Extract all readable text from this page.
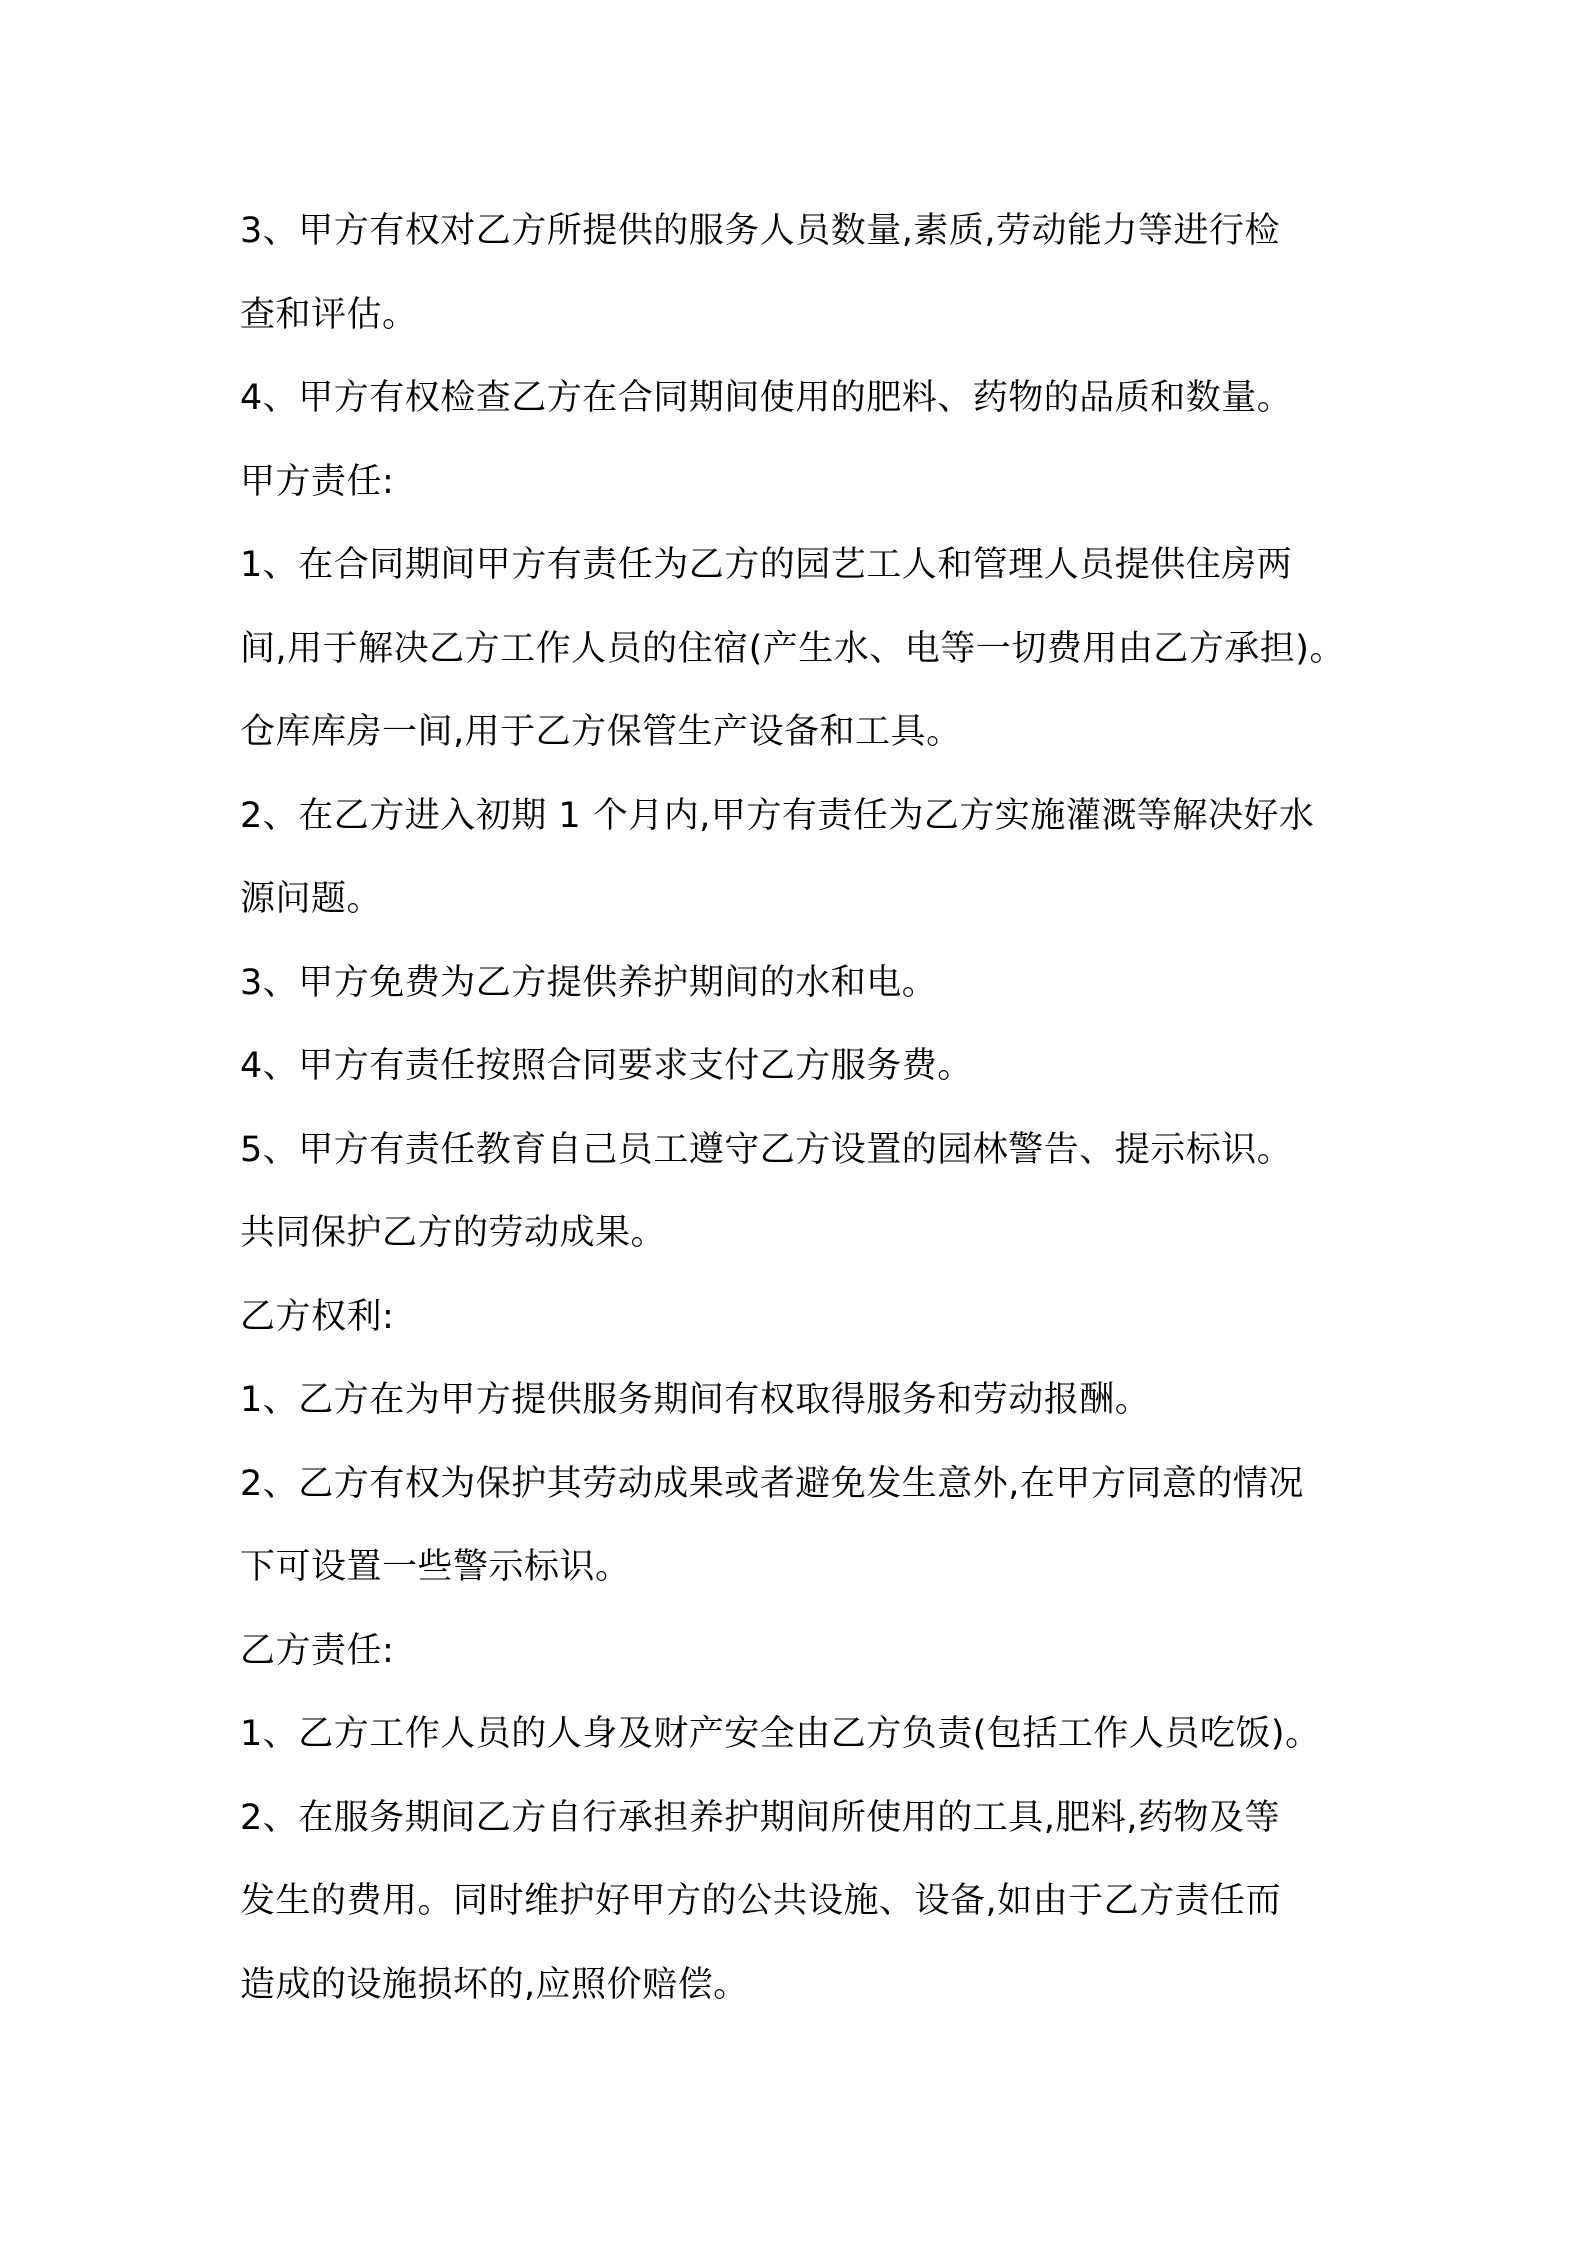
3、甲方有权对乙方所提供的服务人员数量,素质,劳动能力等进行检

查和评估。

4、甲方有权检查乙方在合同期间使用的肥料、药物的品质和数量。

甲方责任:

1、在合同期间甲方有责任为乙方的园艺工人和管理人员提供住房两

间,用于解决乙方工作人员的住宿(产生水、电等一切费用由乙方承担)。

仓库库房一间,用于乙方保管生产设备和工具。

2、在乙方进入初期 1 个月内,甲方有责任为乙方实施灌溉等解决好水

源问题。

3、甲方免费为乙方提供养护期间的水和电。

4、甲方有责任按照合同要求支付乙方服务费。

5、甲方有责任教育自己员工遵守乙方设置的园林警告、提示标识。

共同保护乙方的劳动成果。

乙方权利:

1、乙方在为甲方提供服务期间有权取得服务和劳动报酬。

2、乙方有权为保护其劳动成果或者避免发生意外,在甲方同意的情况

下可设置一些警示标识。

乙方责任:

1、乙方工作人员的人身及财产安全由乙方负责(包括工作人员吃饭)。

2、在服务期间乙方自行承担养护期间所使用的工具,肥料,药物及等

发生的费用。同时维护好甲方的公共设施、设备,如由于乙方责任而

造成的设施损坏的,应照价赔偿。
